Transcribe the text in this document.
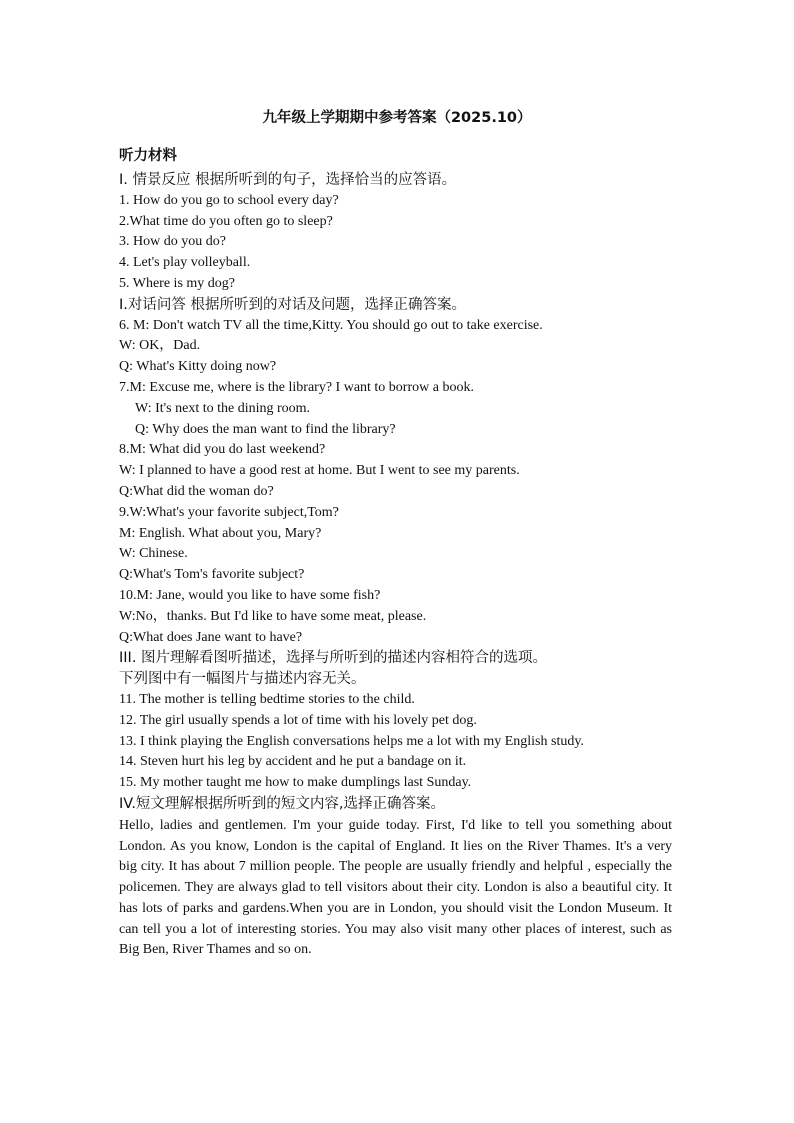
九年级上学期期中参考答案（2025.10）
听力材料
I. 情景反应 根据所听到的句子，选择恰当的应答语。
1. How do you go to school every day?
2.What time do you often go to sleep?
3. How do you do?
4. Let's play volleyball.
5. Where is my dog?
I.对话问答 根据所听到的对话及问题，选择正确答案。
6. M: Don't watch TV all the time,Kitty. You should go out to take exercise.
W: OK，Dad.
Q: What's Kitty doing now?
7.M: Excuse me, where is the library? I want to borrow a book.
W: It's next to the dining room.
Q: Why does the man want to find the library?
8.M: What did you do last weekend?
W: I planned to have a good rest at home. But I went to see my parents.
Q:What did the woman do?
9.W:What's your favorite subject,Tom?
M: English. What about you, Mary?
W: Chinese.
Q:What's Tom's favorite subject?
10.M: Jane, would you like to have some fish?
W:No，thanks. But I'd like to have some meat, please.
Q:What does Jane want to have?
III. 图片理解看图听描述，选择与所听到的描述内容相符合的选项。
下列图中有一幅图片与描述内容无关。
11. The mother is telling bedtime stories to the child.
12. The girl usually spends a lot of time with his lovely pet dog.
13. I think playing the English conversations helps me a lot with my English study.
14. Steven hurt his leg by accident and he put a bandage on it.
15. My mother taught me how to make dumplings last Sunday.
IV.短文理解根据所听到的短文内容,选择正确答案。
Hello, ladies and gentlemen. I'm your guide today. First, I'd like to tell you something about London. As you know, London is the capital of England. It lies on the River Thames. It's a very big city. It has about 7 million people. The people are usually friendly and helpful , especially the policemen. They are always glad to tell visitors about their city. London is also a beautiful city. It has lots of parks and gardens.When you are in London, you should visit the London Museum. It can tell you a lot of interesting stories. You may also visit many other places of interest, such as Big Ben, River Thames and so on.
